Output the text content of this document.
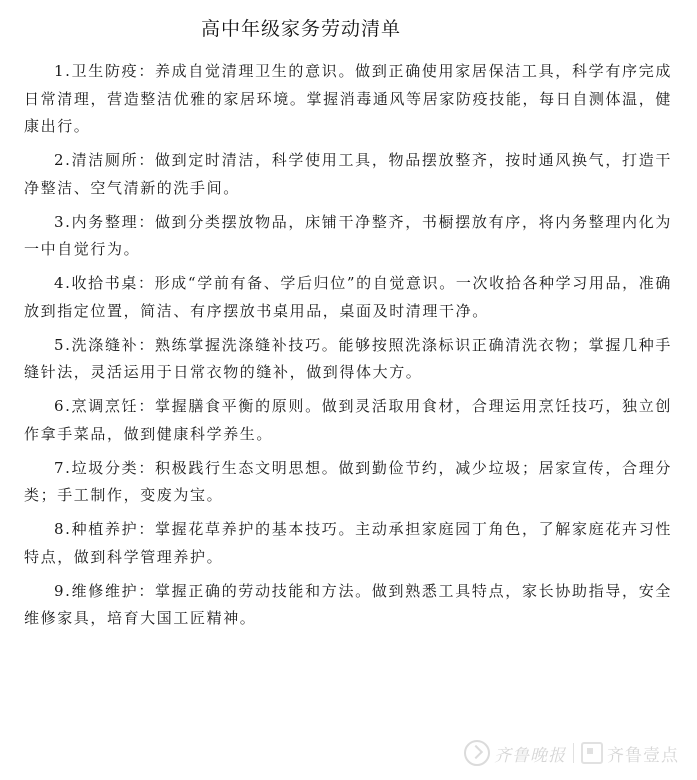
高中年级家务劳动清单
1.卫生防疫：养成自觉清理卫生的意识。做到正确使用家居保洁工具，科学有序完成日常清理，营造整洁优雅的家居环境。掌握消毒通风等居家防疫技能，每日自测体温，健康出行。
2.清洁厕所：做到定时清洁，科学使用工具，物品摆放整齐，按时通风换气，打造干净整洁、空气清新的洗手间。
3.内务整理：做到分类摆放物品，床铺干净整齐，书橱摆放有序，将内务整理内化为一中自觉行为。
4.收拾书桌：形成“学前有备、学后归位”的自觉意识。一次收拾各种学习用品，准确放到指定位置，简洁、有序摆放书桌用品，桌面及时清理干净。
5.洗涤缝补：熟练掌握洗涤缝补技巧。能够按照洗涤标识正确清洗衣物；掌握几种手缝针法，灵活运用于日常衣物的缝补，做到得体大方。
6.烹调烹饪：掌握膳食平衡的原则。做到灵活取用食材，合理运用烹饪技巧，独立创作拿手菜品，做到健康科学养生。
7.垃圾分类：积极践行生态文明思想。做到勤俭节约，减少垃圾；居家宣传，合理分类；手工制作，变废为宝。
8.种植养护：掌握花草养护的基本技巧。主动承担家庭园丁角色，了解家庭花卉习性特点，做到科学管理养护。
9.维修维护：掌握正确的劳动技能和方法。做到熟悉工具特点，家长协助指导，安全维修家具，培育大国工匠精神。
齐鲁晚报 齐鲁壹点
